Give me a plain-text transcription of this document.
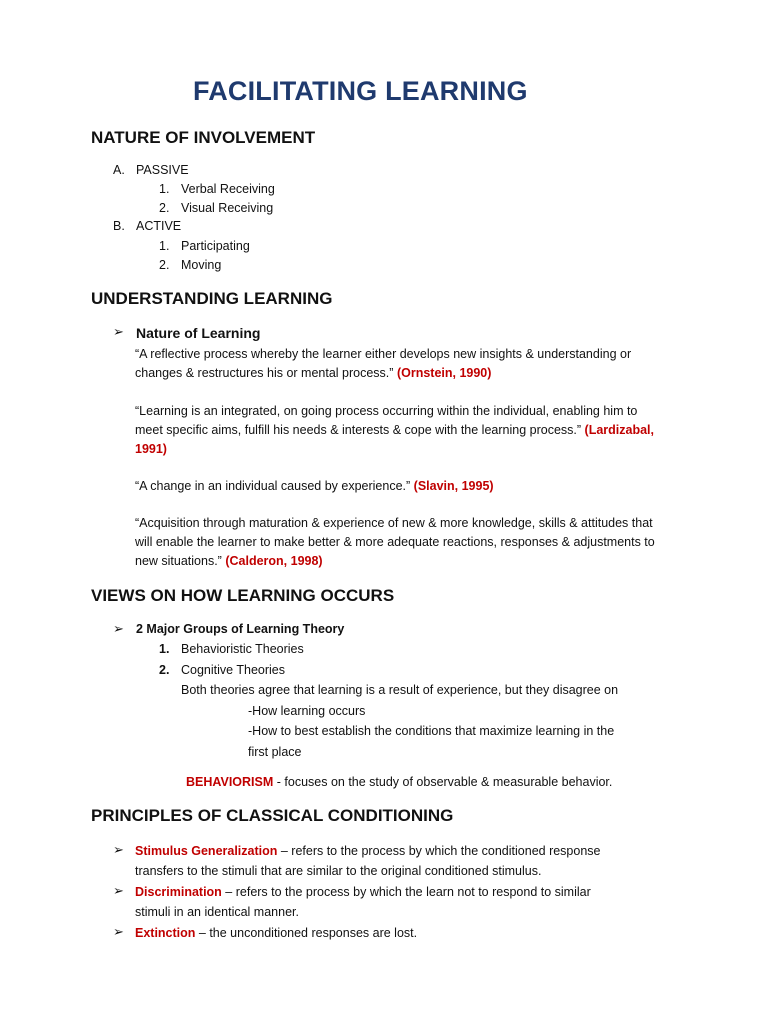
FACILITATING LEARNING
NATURE OF INVOLVEMENT
A. PASSIVE
1. Verbal Receiving
2. Visual Receiving
B. ACTIVE
1. Participating
2. Moving
UNDERSTANDING LEARNING
➢ Nature of Learning
“A reflective process whereby the learner either develops new insights & understanding or
changes & restructures his or mental process.” (Ornstein, 1990)
“Learning is an integrated, on going process occurring within the individual, enabling him to
meet specific aims, fulfill his needs & interests & cope with the learning process.” (Lardizabal,
1991)
“A change in an individual caused by experience.” (Slavin, 1995)
“Acquisition through maturation & experience of new & more knowledge, skills & attitudes that
will enable the learner to make better & more adequate reactions, responses & adjustments to
new situations.” (Calderon, 1998)
VIEWS ON HOW LEARNING OCCURS
➢ 2 Major Groups of Learning Theory
1. Behavioristic Theories
2. Cognitive Theories
Both theories agree that learning is a result of experience, but they disagree on
-How learning occurs
-How to best establish the conditions that maximize learning in the
first place
BEHAVIORISM - focuses on the study of observable & measurable behavior.
PRINCIPLES OF CLASSICAL CONDITIONING
➢ Stimulus Generalization – refers to the process by which the conditioned response
transfers to the stimuli that are similar to the original conditioned stimulus.
➢ Discrimination – refers to the process by which the learn not to respond to similar
stimuli in an identical manner.
➢ Extinction – the unconditioned responses are lost.
